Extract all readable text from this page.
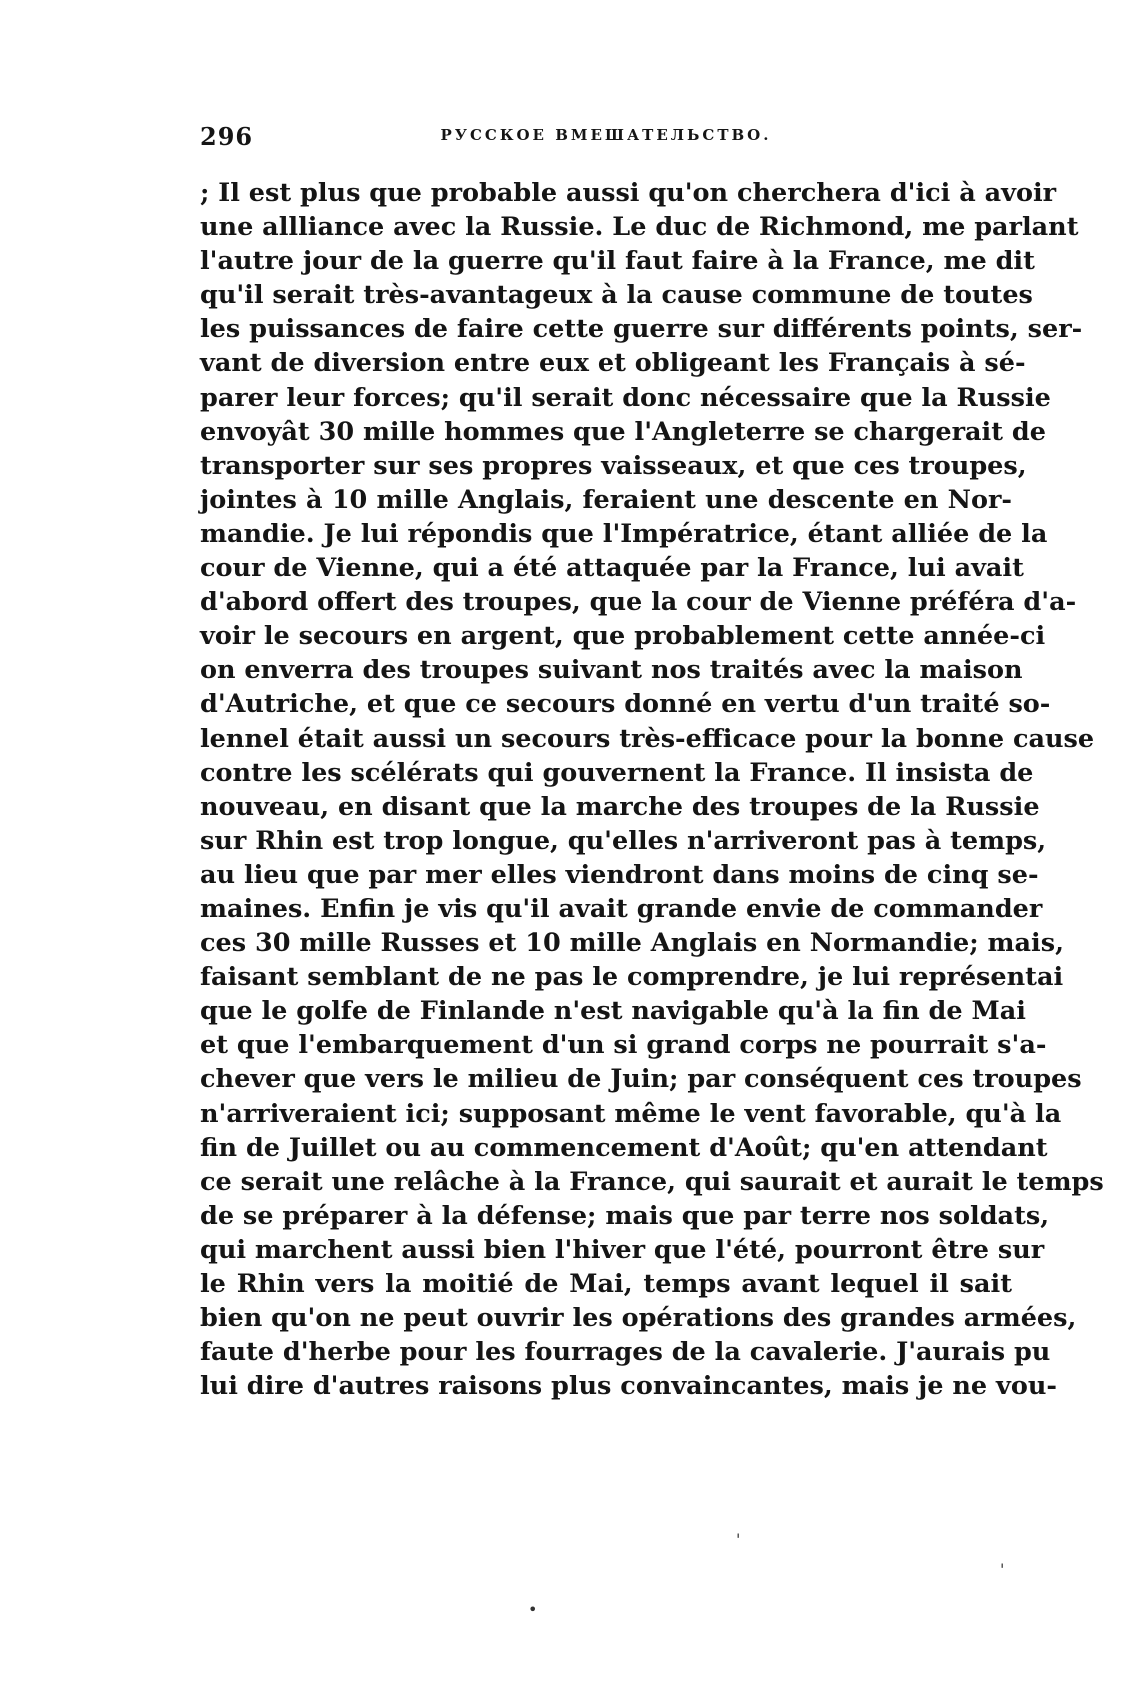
296	РУССКОЕ ВМЕШАТЕЛЬСТВО.
; Il est plus que probable aussi qu'on cherchera d'ici à avoir
une allliance avec la Russie. Le duc de Richmond, me parlant
l'autre jour de la guerre qu'il faut faire à la France, me dit
qu'il serait très-avantageux à la cause commune de toutes
les puissances de faire cette guerre sur différents points, ser-
vant de diversion entre eux et obligeant les Français à sé-
parer leur forces; qu'il serait donc nécessaire que la Russie
envoyât 30 mille hommes que l'Angleterre se chargerait de
transporter sur ses propres vaisseaux, et que ces troupes,
jointes à 10 mille Anglais, feraient une descente en Nor-
mandie. Je lui répondis que l'Impératrice, étant alliée de la
cour de Vienne, qui a été attaquée par la France, lui avait
d'abord offert des troupes, que la cour de Vienne préféra d'a-
voir le secours en argent, que probablement cette année-ci
on enverra des troupes suivant nos traités avec la maison
d'Autriche, et que ce secours donné en vertu d'un traité so-
lennel était aussi un secours très-efficace pour la bonne cause
contre les scélérats qui gouvernent la France. Il insista de
nouveau, en disant que la marche des troupes de la Russie
sur Rhin est trop longue, qu'elles n'arriveront pas à temps,
au lieu que par mer elles viendront dans moins de cinq se-
maines. Enfin je vis qu'il avait grande envie de commander
ces 30 mille Russes et 10 mille Anglais en Normandie; mais,
faisant semblant de ne pas le comprendre, je lui représentai
que le golfe de Finlande n'est navigable qu'à la fin de Mai
et que l'embarquement d'un si grand corps ne pourrait s'a-
chever que vers le milieu de Juin; par conséquent ces troupes
n'arriveraient ici; supposant même le vent favorable, qu'à la
fin de Juillet ou au commencement d'Août; qu'en attendant
ce serait une relâche à la France, qui saurait et aurait le temps
de se préparer à la défense; mais que par terre nos soldats,
qui marchent aussi bien l'hiver que l'été, pourront être sur
le Rhin vers la moitié de Mai, temps avant lequel il sait
bien qu'on ne peut ouvrir les opérations des grandes armées,
faute d'herbe pour les fourrages de la cavalerie. J'aurais pu
lui dire d'autres raisons plus convaincantes, mais je ne vou-
'
'
•
